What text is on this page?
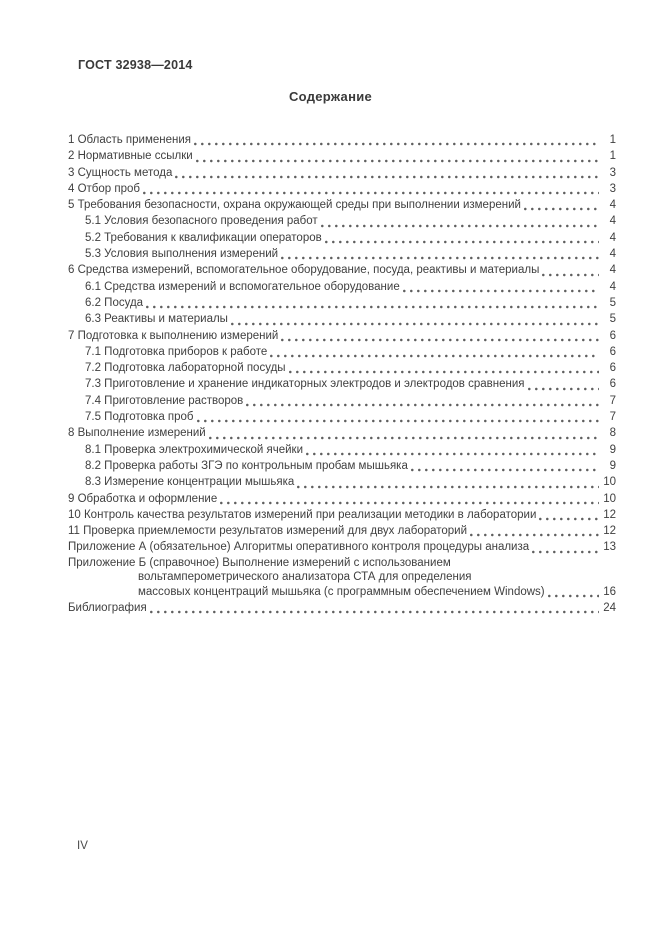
ГОСТ 32938—2014
Содержание
1 Область применения	1
2 Нормативные ссылки	1
3 Сущность метода	3
4 Отбор проб	3
5 Требования безопасности, охрана окружающей среды при выполнении измерений	4
5.1 Условия безопасного проведения работ	4
5.2 Требования к квалификации операторов	4
5.3 Условия выполнения измерений	4
6 Средства измерений, вспомогательное оборудование, посуда, реактивы и материалы	4
6.1 Средства измерений и вспомогательное оборудование	4
6.2 Посуда	5
6.3 Реактивы и материалы	5
7 Подготовка к выполнению измерений	6
7.1 Подготовка приборов к работе	6
7.2 Подготовка лабораторной посуды	6
7.3 Приготовление и хранение индикаторных электродов и электродов сравнения	6
7.4 Приготовление растворов	7
7.5 Подготовка проб	7
8 Выполнение измерений	8
8.1 Проверка электрохимической ячейки	9
8.2 Проверка работы ЗГЭ по контрольным пробам мышьяка	9
8.3 Измерение концентрации мышьяка	10
9 Обработка и оформление	10
10 Контроль качества результатов измерений при реализации методики в лаборатории	12
11 Проверка приемлемости результатов измерений для двух лабораторий	12
Приложение А (обязательное) Алгоритмы оперативного контроля процедуры анализа	13
Приложение Б (справочное) Выполнение измерений с использованием
вольтамперометрического анализатора СТА для определения
массовых концентраций мышьяка (с программным обеспечением Windows)	16
Библиография	24
IV
